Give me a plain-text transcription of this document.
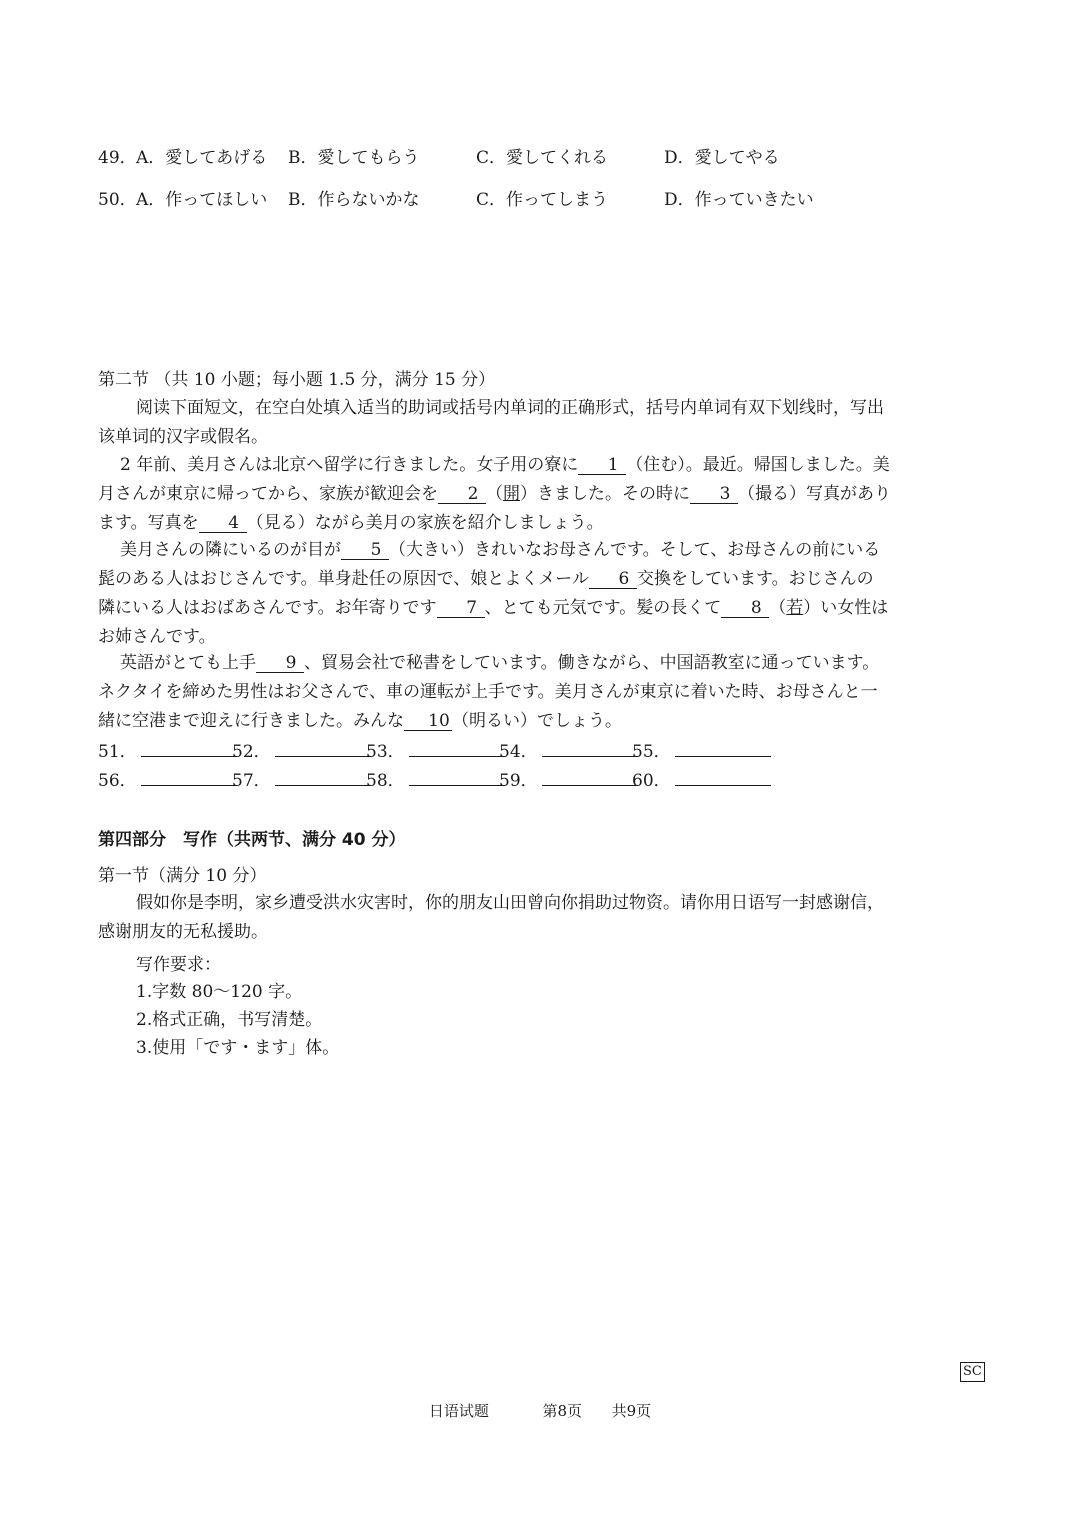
49． A．愛してあげる B．愛してもらう	C．愛してくれる	D．愛してやる
50． A．作ってほしい B．作らないかな	C．作ってしまう	D．作っていきたい
第二节 （共 10 小题；每小题 1.5 分，满分 15 分）
阅读下面短文，在空白处填入适当的助词或括号内单词的正确形式，括号内单词有双下划线时，写出
该单词的汉字或假名。
2 年前、美月さんは北京へ留学に行きました。女子用の寮に 1 （住む）。最近。帰国しました。美
月さんが東京に帰ってから、家族が歓迎会を 2 （開）きました。その時に 3 （撮る）写真があり
ます。写真を 4 （見る）ながら美月の家族を紹介しましょう。
美月さんの隣にいるのが目が 5 （大きい）きれいなお母さんです。そして、お母さんの前にいる
髭のある人はおじさんです。単身赴任の原因で、娘とよくメール 6 交換をしています。おじさんの
隣にいる人はおばあさんです。お年寄りです 7 、とても元気です。髪の長くて 8 （若）い女性は
お姉さんです。
英語がとても上手 9 、貿易会社で秘書をしています。働きながら、中国語教室に通っています。
ネクタイを締めた男性はお父さんで、車の運転が上手です。美月さんが東京に着いた時、お母さんと一
緒に空港まで迎えに行きました。みんな 10 （明るい）でしょう。
51．	52．	53．	54．	55．
56．	57．	58．	59．	60．
第四部分　写作（共两节、满分 40 分）
第一节（满分 10 分）
假如你是李明，家乡遭受洪水灾害时，你的朋友山田曾向你捐助过物资。请你用日语写一封感谢信，
感谢朋友的无私援助。
写作要求：
1.字数 80～120 字。
2.格式正确，书写清楚。
3.使用「です・ます」体。
SC
日语试题	第8页 共9页
